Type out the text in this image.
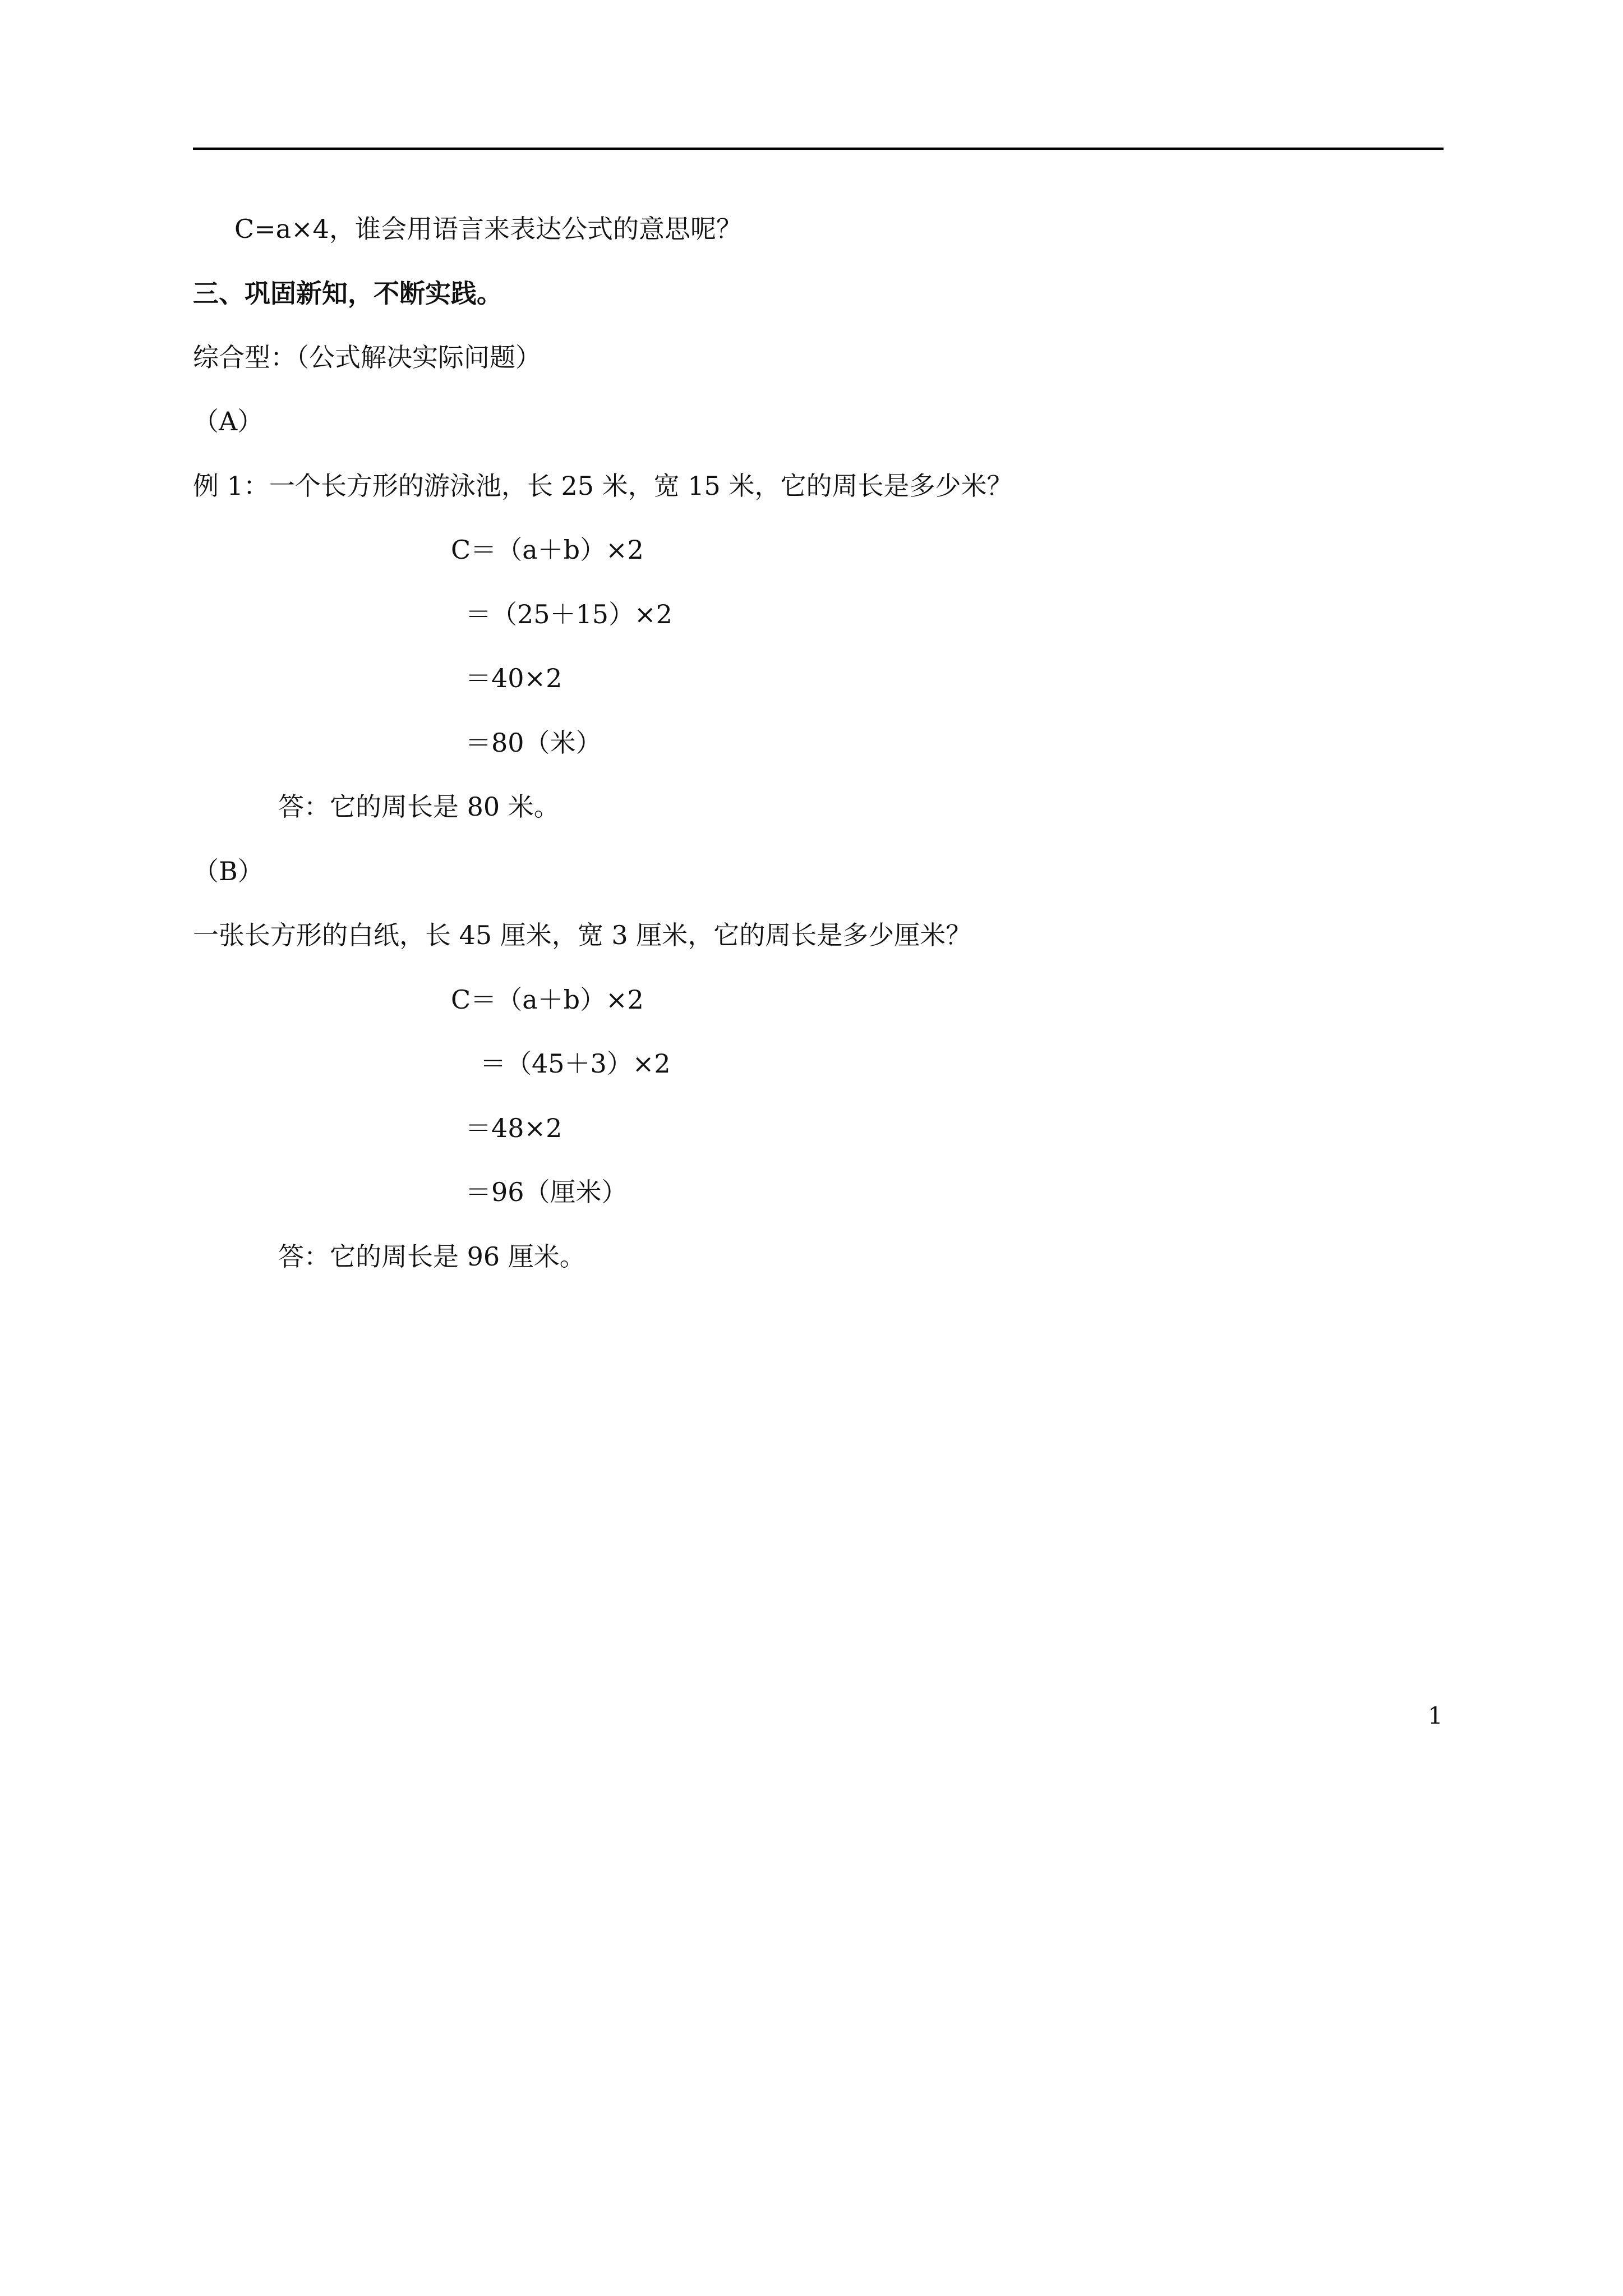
C=a×4，谁会用语言来表达公式的意思呢？
三、巩固新知，不断实践。
综合型：（公式解决实际问题）
（A）
例 1：一个长方形的游泳池，长 25 米，宽 15 米，它的周长是多少米？
C＝（a＋b）×2
＝（25＋15）×2
＝40×2
＝80（米）
答：它的周长是 80 米。
（B）
一张长方形的白纸，长 45 厘米，宽 3 厘米，它的周长是多少厘米？
C＝（a＋b）×2
＝（45＋3）×2
＝48×2
＝96（厘米）
答：它的周长是 96 厘米。
1
